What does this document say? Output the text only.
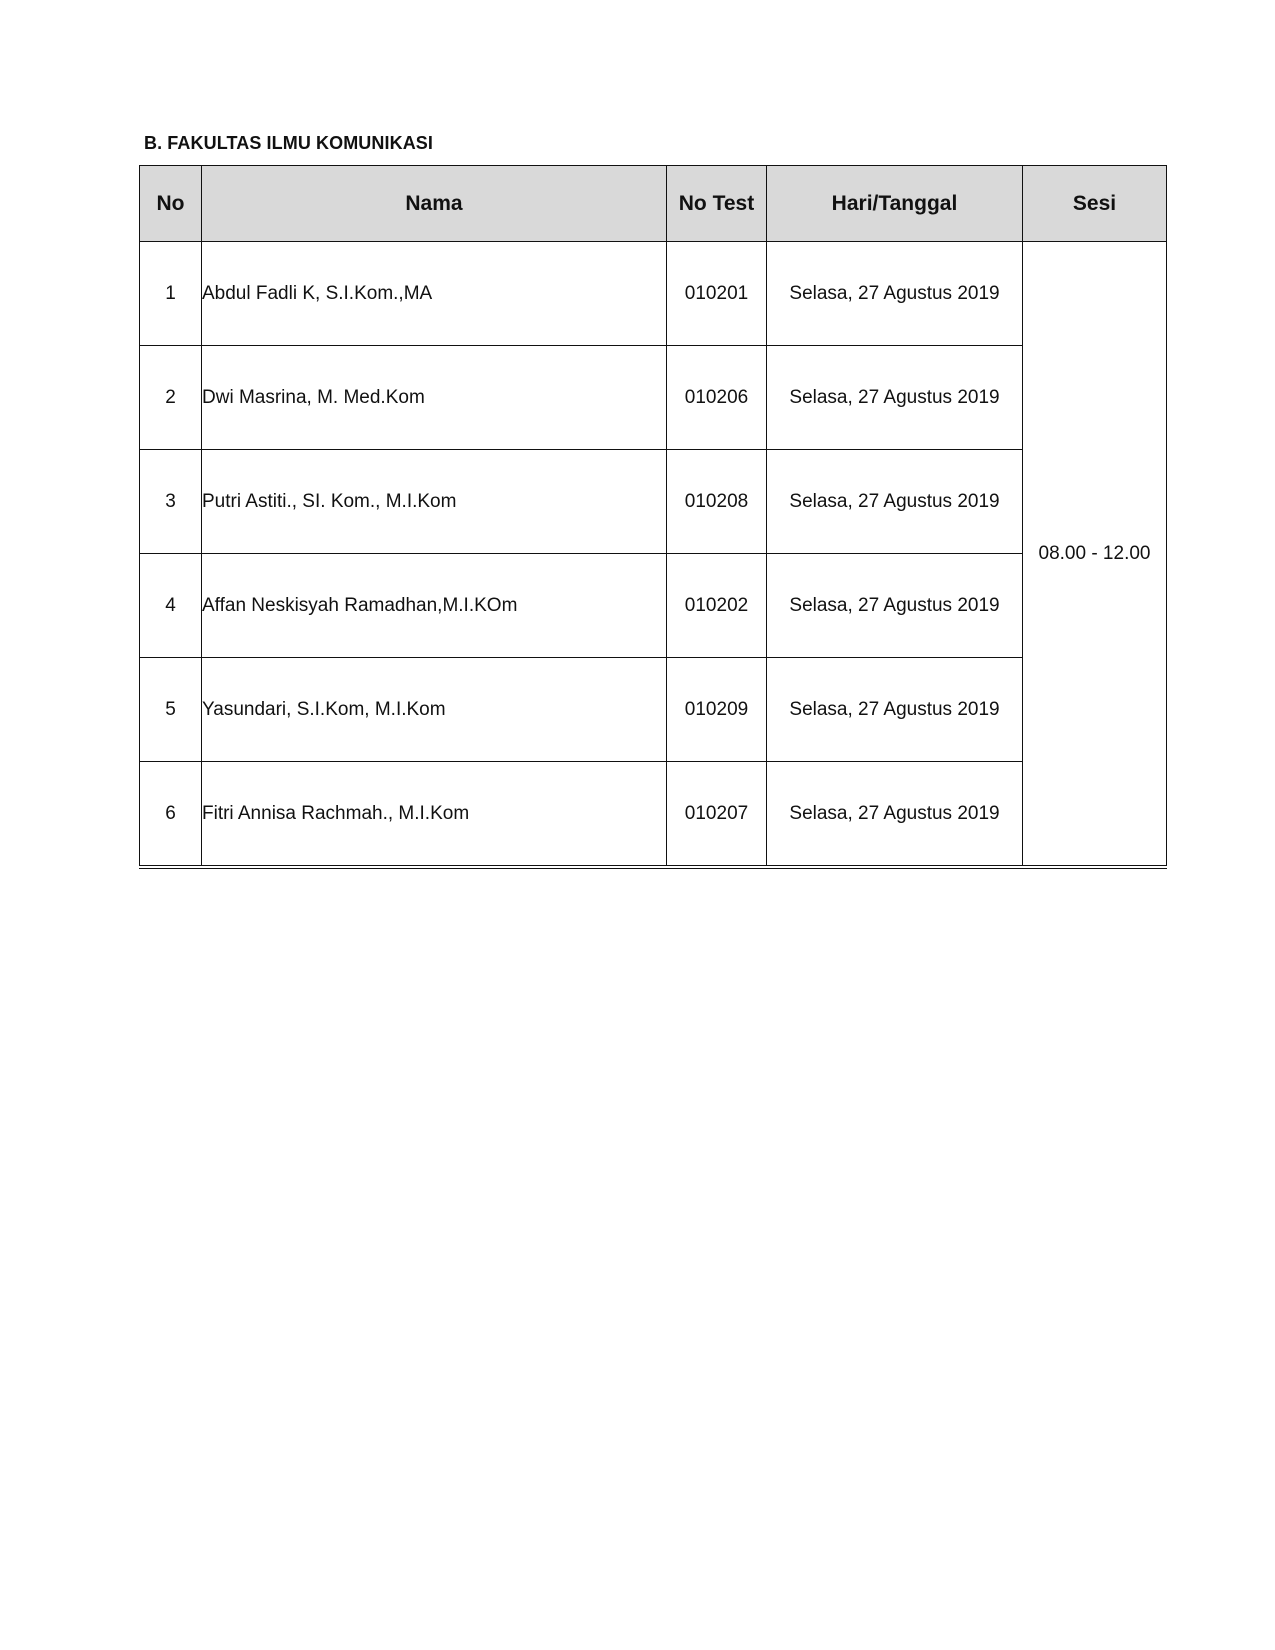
B. FAKULTAS ILMU KOMUNIKASI
No	Nama	No Test	Hari/Tanggal	Sesi
1	Abdul Fadli K, S.I.Kom.,MA	010201	Selasa, 27 Agustus 2019	08.00 - 12.00
2	Dwi Masrina, M. Med.Kom	010206	Selasa, 27 Agustus 2019	
3	Putri Astiti., SI. Kom., M.I.Kom	010208	Selasa, 27 Agustus 2019	
4	Affan Neskisyah Ramadhan,M.I.KOm	010202	Selasa, 27 Agustus 2019	
5	Yasundari, S.I.Kom, M.I.Kom	010209	Selasa, 27 Agustus 2019	
6	Fitri Annisa Rachmah., M.I.Kom	010207	Selasa, 27 Agustus 2019	
